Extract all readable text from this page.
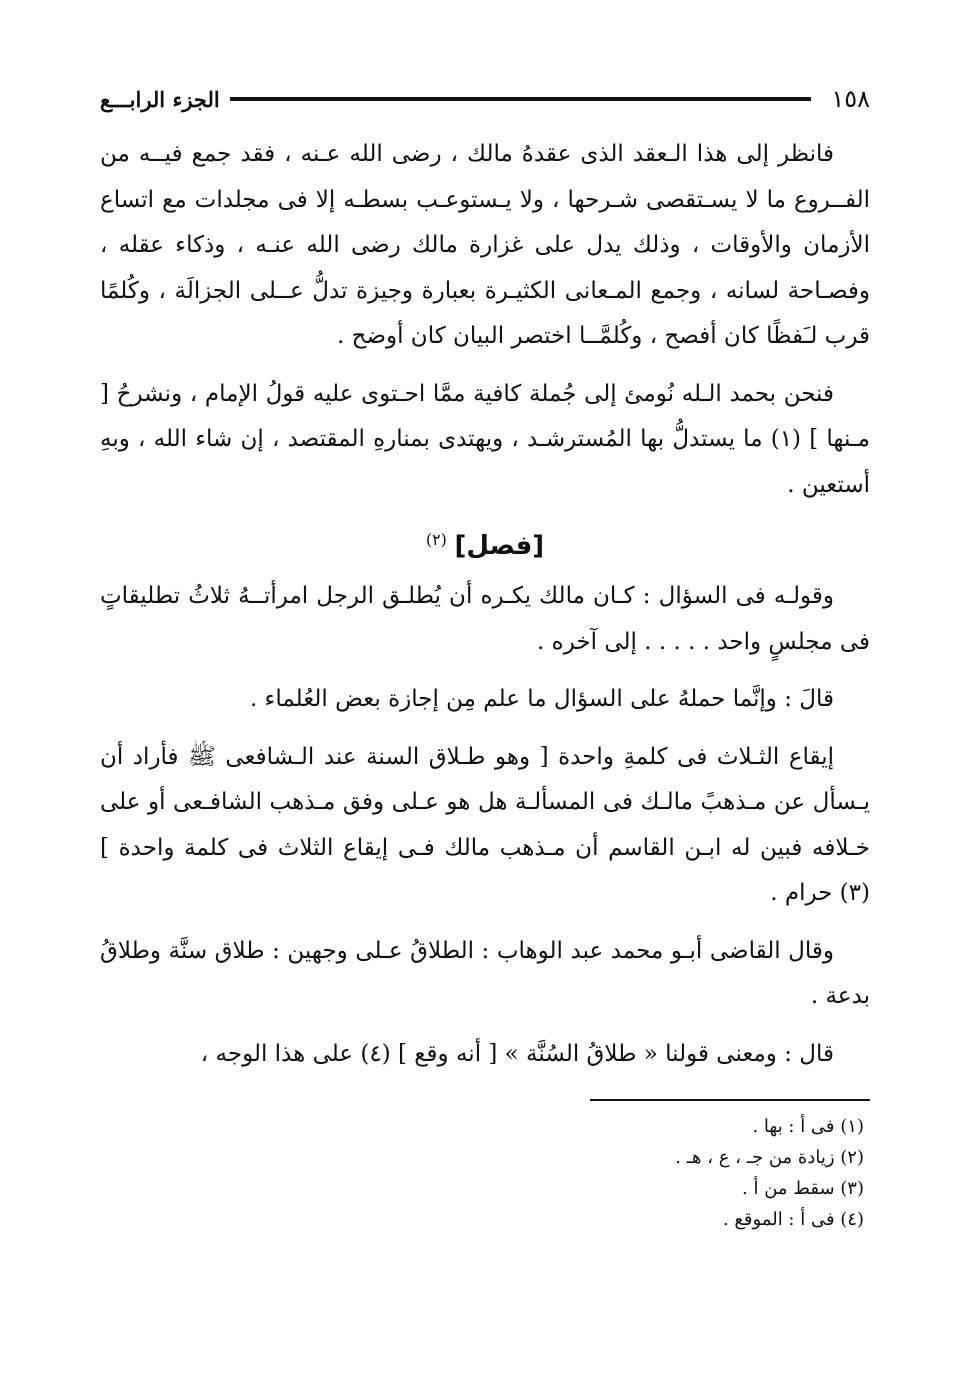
١٥٨
الجزء الرابـــع

فانظر إلى هذا الـعقد الذى عقدهُ مالك ، رضى الله عـنه ، فقد جمع فيــه من الفــروع ما لا يسـتقصى شـرحها ، ولا يـستوعـب بسطـه إلا فى مجلدات مع اتساع الأزمان والأوقات ، وذلك يدل على غزارة مالك رضى الله عنـه ، وذكاء عقله ، وفصـاحة لسانه ، وجمع المـعانى الكثيـرة بعبارة وجيزة تدلُّ عــلى الجزالَة ، وكُلمًا قرب لـَفظًا كان أفصح ، وكُلمَّــا اختصر البيان كان أوضح .

فنحن بحمد الـله نُومئ إلى جُملة كافية ممَّا احـتوى عليه قولُ الإمام ، ونشرحُ [ مـنها ] (١) ما يستدلُّ بها المُسترشـد ، ويهتدى بمنارهِ المقتصد ، إن شاء الله ، وبهِ أستعين .

[فصل] $^{(٢)}$

وقولـه فى السؤال : كـان مالك يكـره أن يُطلـق الرجل امرأتــهُ ثلاثُ تطليقاتٍ فى مجلسٍ واحد . . . . . إلى آخره .

قالَ : وإنَّما حملهُ على السؤال ما علم مِن إجازة بعض العُلماء .

إيقاع الثـلاث فى كلمةِ واحدة [ وهو طـلاق السنة عند الـشافعى ﷺ فأراد أن يـسأل عن مـذهبً مالـك فى المسألـة هل هو عـلى وفق مـذهب الشافـعى أو على خـلافه فبين له ابـن القاسم أن مـذهب مالك فـى إيقاع الثلاث فى كلمة واحدة ] (٣) حرام .

وقال القاضى أبـو محمد عبد الوهاب : الطلاقُ عـلى وجهين : طلاق سنَّة وطلاقُ بدعة .

قال : ومعنى قولنا « طلاقُ السُنَّة » [ أنه وقع ] (٤) على هذا الوجه ،

(١) فى أ : بها .

(٢) زيادة من جـ ، ع ، هـ .

(٣) سقط من أ .

(٤) فى أ : الموقع .
